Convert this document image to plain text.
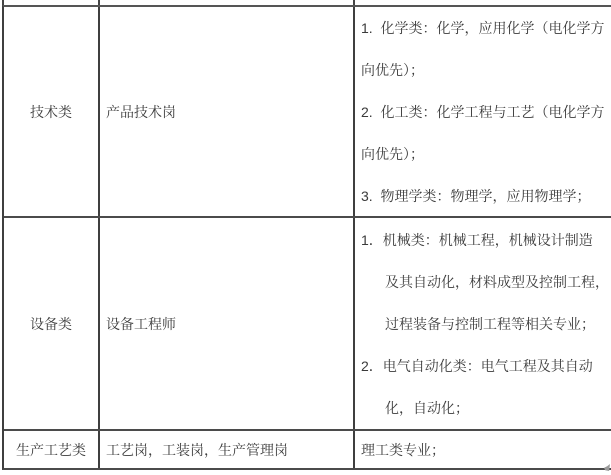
技术类 产品技术岗
1.  化学类：化学，应用化学（电化学方
向优先）；
2.  化工类：化学工程与工艺（电化学方
向优先）；
3.  物理学类：物理学，应用物理学；
设备类 设备工程师
1．机械类：机械工程，机械设计制造
及其自动化，材料成型及控制工程，
过程装备与控制工程等相关专业；
2．电气自动化类：电气工程及其自动
化，自动化；
生产工艺类 工艺岗，工装岗，生产管理岗	理工类专业；
